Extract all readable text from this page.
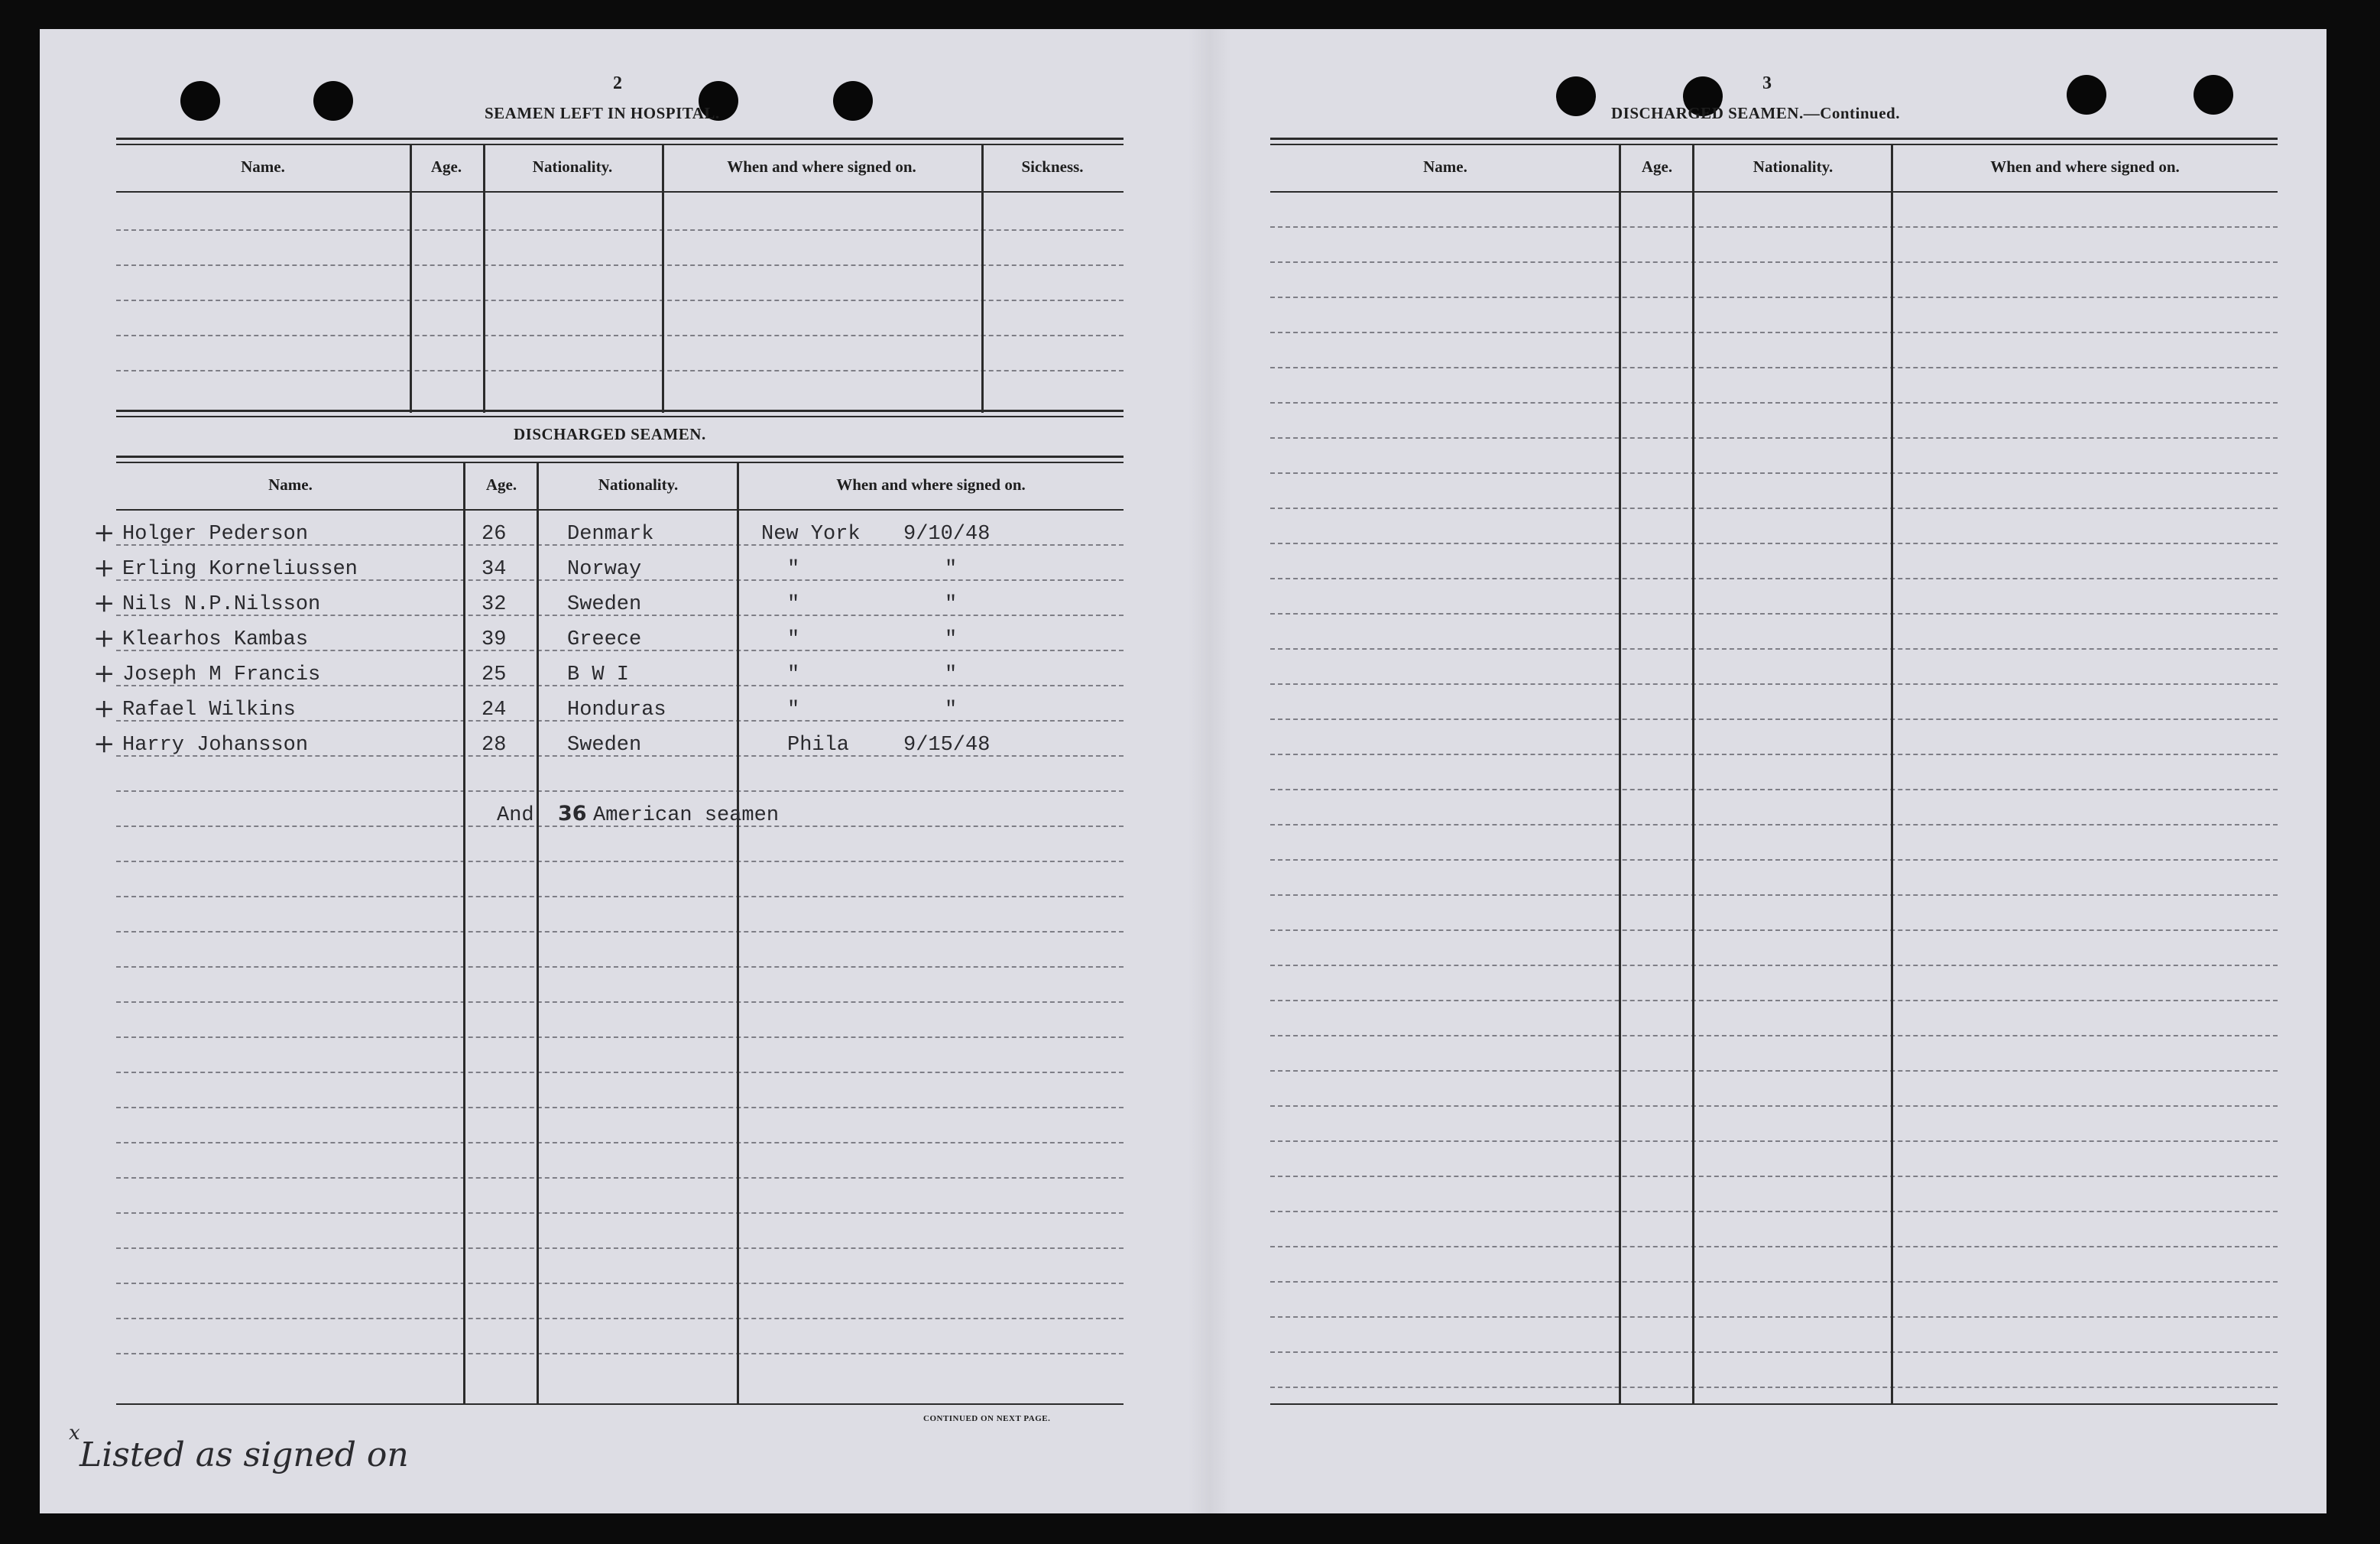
2
SEAMEN LEFT IN HOSPITAL.
Name.	Age.	Nationality.	When and where signed on.	Sickness.
DISCHARGED SEAMEN.
Name.	Age.	Nationality.	When and where signed on.
+ Holger Pederson	26	Denmark	New York 9/10/48
+ Erling Korneliussen	34	Norway	"	"
+ Nils N.P.Nilsson	32	Sweden	"	"
+ Klearhos Kambas	39	Greece	"	"
+ Joseph M Francis	25	B W I	"	"
+ Rafael Wilkins	24	Honduras	"	"
+ Harry Johansson	28	Sweden	Phila	9/15/48
And 36 American seamen
CONTINUED ON NEXT PAGE.
x
Listed as signed on
3
DISCHARGED SEAMEN.—Continued.
Name.	Age.	Nationality.	When and where signed on.
